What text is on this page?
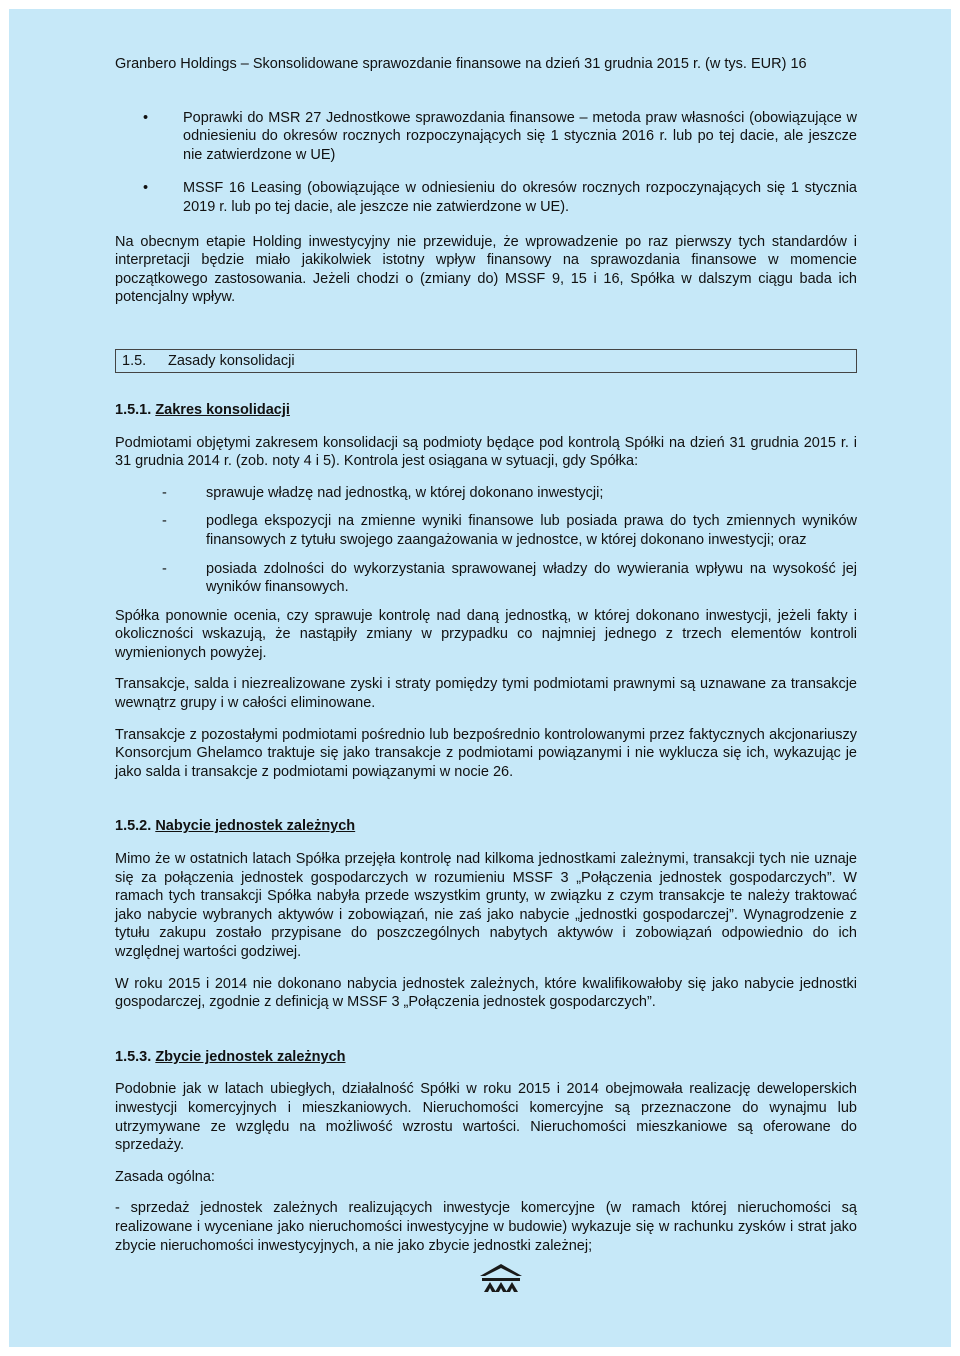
Granbero Holdings – Skonsolidowane sprawozdanie finansowe na dzień 31 grudnia 2015 r. (w tys. EUR) 16
• Poprawki do MSR 27 Jednostkowe sprawozdania finansowe – metoda praw własności (obowiązujące w odniesieniu do okresów rocznych rozpoczynających się 1 stycznia 2016 r. lub po tej dacie, ale jeszcze nie zatwierdzone w UE)
• MSSF 16 Leasing (obowiązujące w odniesieniu do okresów rocznych rozpoczynających się 1 stycznia 2019 r. lub po tej dacie, ale jeszcze nie zatwierdzone w UE).

Na obecnym etapie Holding inwestycyjny nie przewiduje, że wprowadzenie po raz pierwszy tych standardów i interpretacji będzie miało jakikolwiek istotny wpływ finansowy na sprawozdania finansowe w momencie początkowego zastosowania. Jeżeli chodzi o (zmiany do) MSSF 9, 15 i 16, Spółka w dalszym ciągu bada ich potencjalny wpływ.

1.5. Zasady konsolidacji
1.5.1. Zakres konsolidacji

Podmiotami objętymi zakresem konsolidacji są podmioty będące pod kontrolą Spółki na dzień 31 grudnia 2015 r. i 31 grudnia 2014 r. (zob. noty 4 i 5). Kontrola jest osiągana w sytuacji, gdy Spółka:

-	sprawuje władzę nad jednostką, w której dokonano inwestycji;
-	podlega ekspozycji na zmienne wyniki finansowe lub posiada prawa do tych zmiennych wyników finansowych z tytułu swojego zaangażowania w jednostce, w której dokonano inwestycji; oraz
-	posiada zdolności do wykorzystania sprawowanej władzy do wywierania wpływu na wysokość jej wyników finansowych.

Spółka ponownie ocenia, czy sprawuje kontrolę nad daną jednostką, w której dokonano inwestycji, jeżeli fakty i okoliczności wskazują, że nastąpiły zmiany w przypadku co najmniej jednego z trzech elementów kontroli wymienionych powyżej.

Transakcje, salda i niezrealizowane zyski i straty pomiędzy tymi podmiotami prawnymi są uznawane za transakcje wewnątrz grupy i w całości eliminowane.

Transakcje z pozostałymi podmiotami pośrednio lub bezpośrednio kontrolowanymi przez faktycznych akcjonariuszy Konsorcjum Ghelamco traktuje się jako transakcje z podmiotami powiązanymi i nie wyklucza się ich, wykazując je jako salda i transakcje z podmiotami powiązanymi w nocie 26.

1.5.2. Nabycie jednostek zależnych

Mimo że w ostatnich latach Spółka przejęła kontrolę nad kilkoma jednostkami zależnymi, transakcji tych nie uznaje się za połączenia jednostek gospodarczych w rozumieniu MSSF 3 „Połączenia jednostek gospodarczych”. W ramach tych transakcji Spółka nabyła przede wszystkim grunty, w związku z czym transakcje te należy traktować jako nabycie wybranych aktywów i zobowiązań, nie zaś jako nabycie „jednostki gospodarczej”. Wynagrodzenie z tytułu zakupu zostało przypisane do poszczególnych nabytych aktywów i zobowiązań odpowiednio do ich względnej wartości godziwej.

W roku 2015 i 2014 nie dokonano nabycia jednostek zależnych, które kwalifikowałoby się jako nabycie jednostki gospodarczej, zgodnie z definicją w MSSF 3 „Połączenia jednostek gospodarczych”.

1.5.3. Zbycie jednostek zależnych

Podobnie jak w latach ubiegłych, działalność Spółki w roku 2015 i 2014 obejmowała realizację deweloperskich inwestycji komercyjnych i mieszkaniowych. Nieruchomości komercyjne są przeznaczone do wynajmu lub utrzymywane ze względu na możliwość wzrostu wartości. Nieruchomości mieszkaniowe są oferowane do sprzedaży.

Zasada ogólna:

- sprzedaż jednostek zależnych realizujących inwestycje komercyjne (w ramach której nieruchomości są realizowane i wyceniane jako nieruchomości inwestycyjne w budowie) wykazuje się w rachunku zysków i strat jako zbycie nieruchomości inwestycyjnych, a nie jako zbycie jednostki zależnej;
